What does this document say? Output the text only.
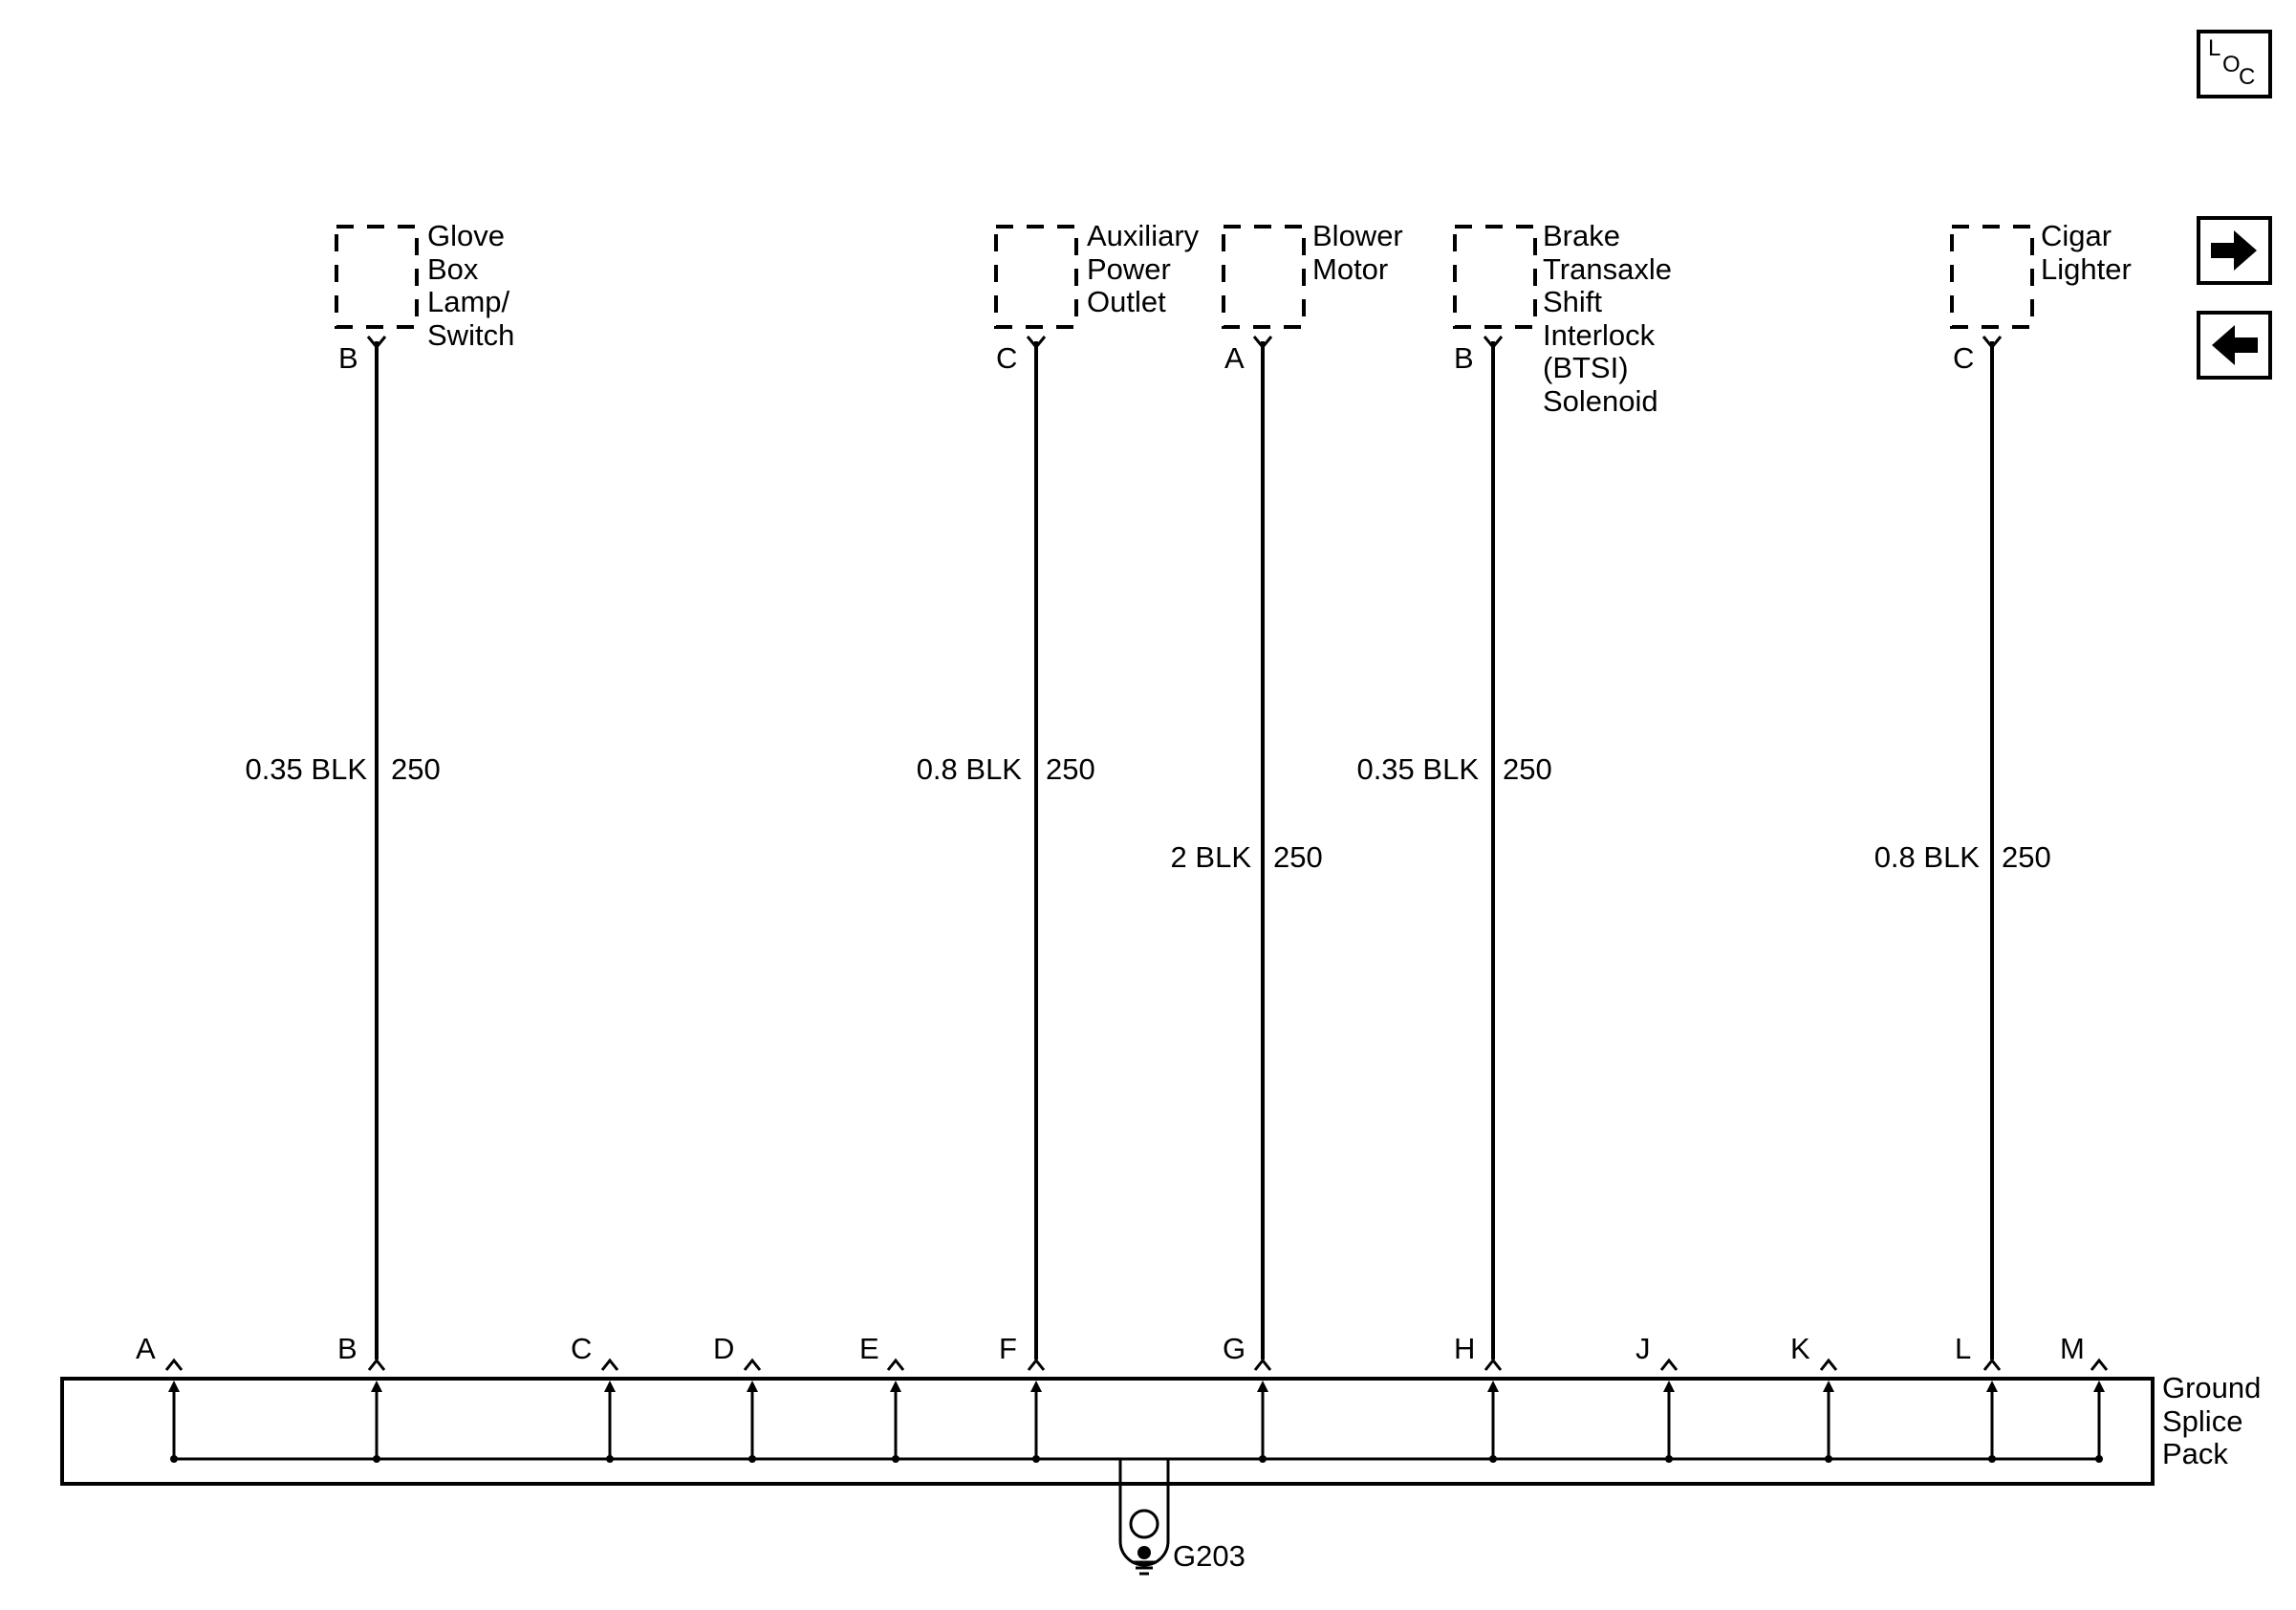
L
O
C
Glove
Box
Lamp/
Switch
B
0.35 BLK 250
Auxiliary
Power
Outlet
C
0.8 BLK 250
Blower
Motor
A
2 BLK 250
Brake
Transaxle
Shift
Interlock
(BTSI)
Solenoid
B
0.35 BLK 250
Cigar
Lighter
C
0.8 BLK 250
Ground
Splice
Pack
A	B	C	D	E	F	G	H	J	K	L	M
G203
